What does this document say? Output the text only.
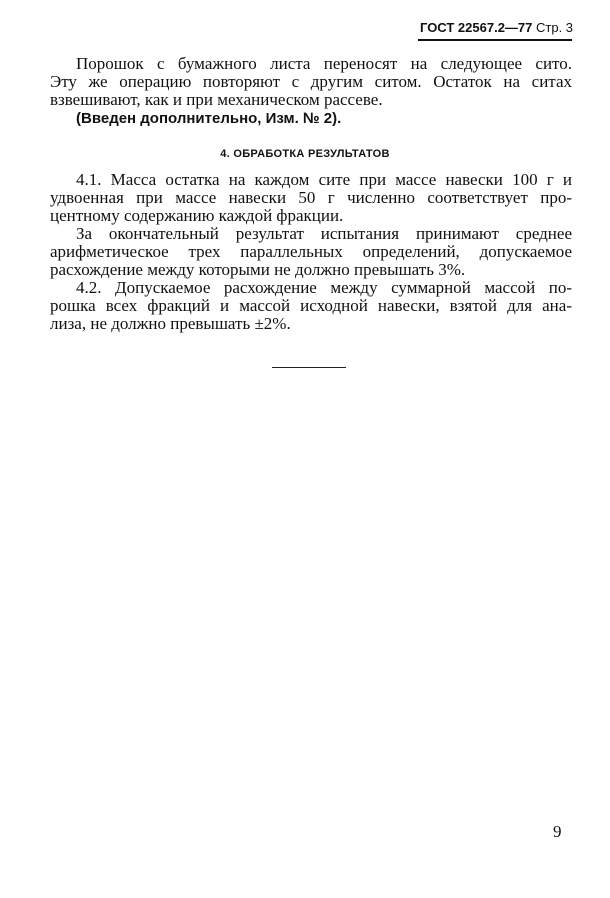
ГОСТ 22567.2—77 Стр. 3
Порошок с бумажного листа переносят на следующее сито.
Эту же операцию повторяют с другим ситом. Остаток на ситах
взвешивают, как и при механическом рассеве.
(Введен дополнительно, Изм. № 2).
4. ОБРАБОТКА РЕЗУЛЬТАТОВ
4.1. Масса остатка на каждом сите при массе навески 100 г и
удвоенная при массе навески 50 г численно соответствует про-
центному содержанию каждой фракции.
За окончательный результат испытания принимают среднее
арифметическое трех параллельных определений, допускаемое
расхождение между которыми не должно превышать 3%.
4.2. Допускаемое расхождение между суммарной массой по-
рошка всех фракций и массой исходной навески, взятой для ана-
лиза, не должно превышать ±2%.
9
